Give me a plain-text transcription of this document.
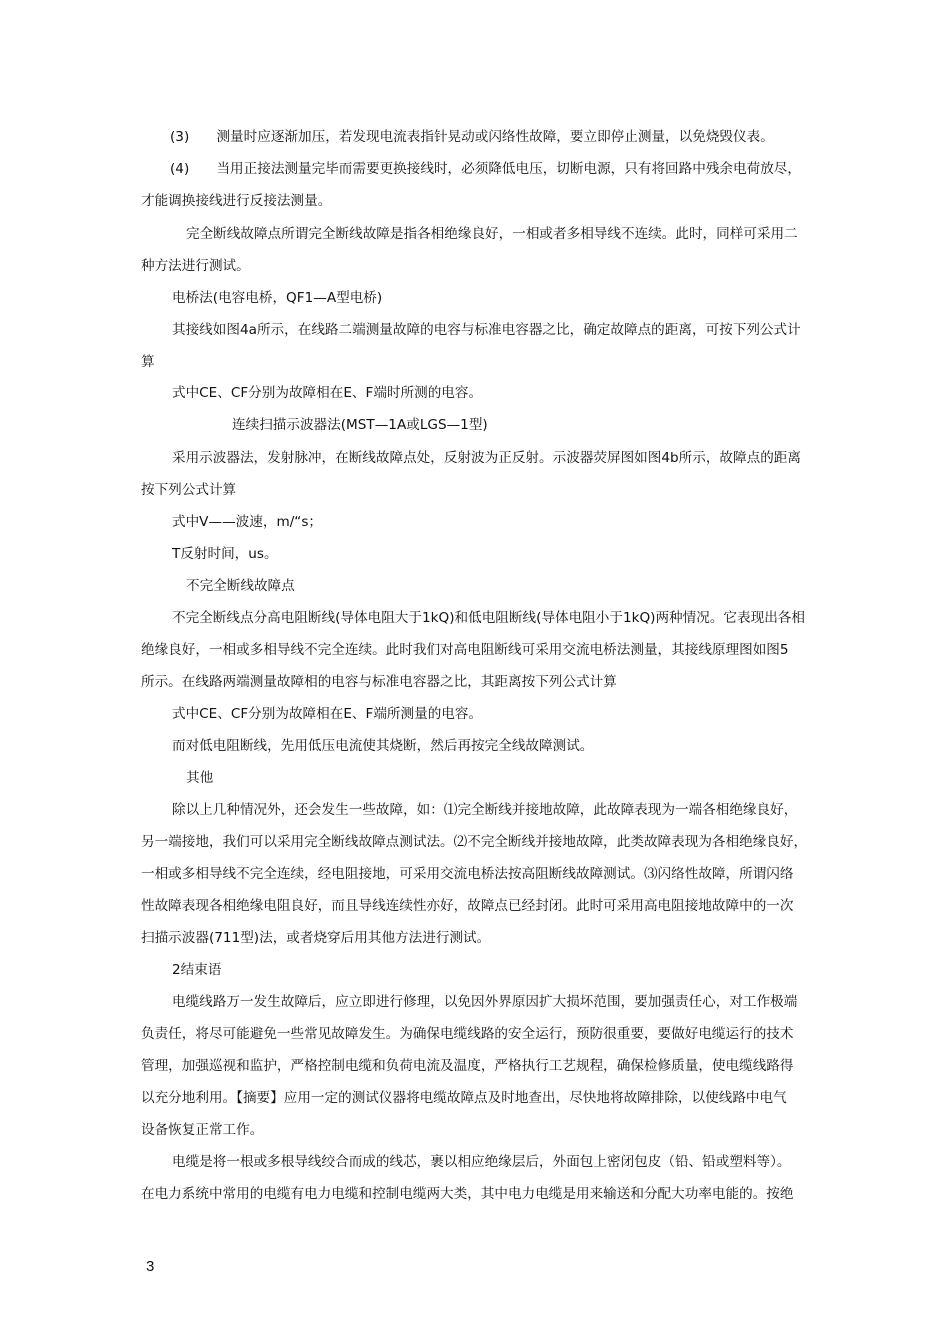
(3)　　测量时应逐渐加压，若发现电流表指针晃动或闪络性故障，要立即停止测量，以免烧毁仪表。
(4)　　当用正接法测量完毕而需要更换接线时，必须降低电压，切断电源，只有将回路中残余电荷放尽，
才能调换接线进行反接法测量。
完全断线故障点所谓完全断线故障是指各相绝缘良好，一相或者多相导线不连续。此时，同样可采用二
种方法进行测试。
电桥法(电容电桥，QF1—A型电桥)
其接线如图4a所示，在线路二端测量故障的电容与标准电容器之比，确定故障点的距离，可按下列公式计
算
式中CE、CF分别为故障相在E、F端时所测的电容。
连续扫描示波器法(MST—1A或LGS—1型)
采用示波器法，发射脉冲，在断线故障点处，反射波为正反射。示波器荧屏图如图4b所示，故障点的距离
按下列公式计算
式中V——波速，m/“s；
T反射时间，us。
不完全断线故障点
不完全断线点分高电阻断线(导体电阻大于1kQ)和低电阻断线(导体电阻小于1kQ)两种情况。它表现出各相
绝缘良好，一相或多相导线不完全连续。此时我们对高电阻断线可采用交流电桥法测量，其接线原理图如图5
所示。在线路两端测量故障相的电容与标准电容器之比，其距离按下列公式计算
式中CE、CF分别为故障相在E、F端所测量的电容。
而对低电阻断线，先用低压电流使其烧断，然后再按完全线故障测试。
其他
除以上几种情况外，还会发生一些故障，如：⑴完全断线并接地故障，此故障表现为一端各相绝缘良好，
另一端接地，我们可以采用完全断线故障点测试法。⑵不完全断线并接地故障，此类故障表现为各相绝缘良好，
一相或多相导线不完全连续，经电阻接地，可采用交流电桥法按高阻断线故障测试。⑶闪络性故障，所谓闪络
性故障表现各相绝缘电阻良好，而且导线连续性亦好，故障点已经封闭。此时可采用高电阻接地故障中的一次
扫描示波器(711型)法，或者烧穿后用其他方法进行测试。
2结束语
电缆线路万一发生故障后，应立即进行修理，以免因外界原因扩大损坏范围，要加强责任心，对工作极端
负责任，将尽可能避免一些常见故障发生。为确保电缆线路的安全运行，预防很重要，要做好电缆运行的技术
管理，加强巡视和监护，严格控制电缆和负荷电流及温度，严格执行工艺规程，确保检修质量，使电缆线路得
以充分地利用。【摘要】应用一定的测试仪器将电缆故障点及时地查出，尽快地将故障排除，以使线路中电气
设备恢复正常工作。
电缆是将一根或多根导线绞合而成的线芯，裹以相应绝缘层后，外面包上密闭包皮（铅、铅或塑料等）。
在电力系统中常用的电缆有电力电缆和控制电缆两大类，其中电力电缆是用来输送和分配大功率电能的。按绝
3
